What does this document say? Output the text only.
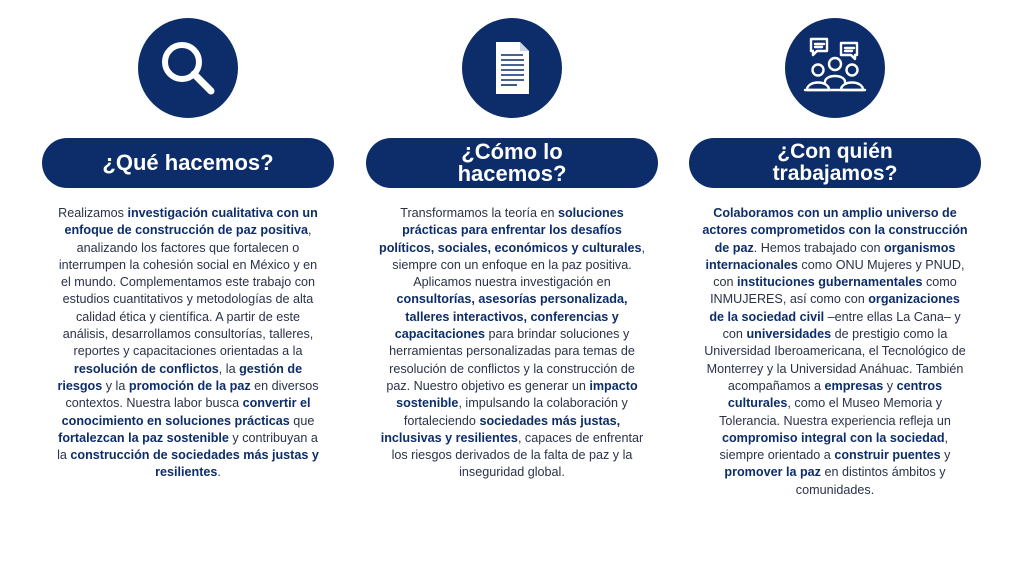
¿Qué hacemos?
Realizamos investigación cualitativa con un enfoque de construcción de paz positiva, analizando los factores que fortalecen o interrumpen la cohesión social en México y en el mundo. Complementamos este trabajo con estudios cuantitativos y metodologías de alta calidad ética y científica. A partir de este análisis, desarrollamos consultorías, talleres, reportes y capacitaciones orientadas a la resolución de conflictos, la gestión de riesgos y la promoción de la paz en diversos contextos. Nuestra labor busca convertir el conocimiento en soluciones prácticas que fortalezcan la paz sostenible y contribuyan a la construcción de sociedades más justas y resilientes.
¿Cómo lo hacemos?
Transformamos la teoría en soluciones prácticas para enfrentar los desafíos políticos, sociales, económicos y culturales, siempre con un enfoque en la paz positiva. Aplicamos nuestra investigación en consultorías, asesorías personalizada, talleres interactivos, conferencias y capacitaciones para brindar soluciones y herramientas personalizadas para temas de resolución de conflictos y la construcción de paz. Nuestro objetivo es generar un impacto sostenible, impulsando la colaboración y fortaleciendo sociedades más justas, inclusivas y resilientes, capaces de enfrentar los riesgos derivados de la falta de paz y la inseguridad global.
¿Con quién trabajamos?
Colaboramos con un amplio universo de actores comprometidos con la construcción de paz. Hemos trabajado con organismos internacionales como ONU Mujeres y PNUD, con instituciones gubernamentales como INMUJERES, así como con organizaciones de la sociedad civil –entre ellas La Cana– y con universidades de prestigio como la Universidad Iberoamericana, el Tecnológico de Monterrey y la Universidad Anáhuac. También acompañamos a empresas y centros culturales, como el Museo Memoria y Tolerancia. Nuestra experiencia refleja un compromiso integral con la sociedad, siempre orientado a construir puentes y promover la paz en distintos ámbitos y comunidades.
